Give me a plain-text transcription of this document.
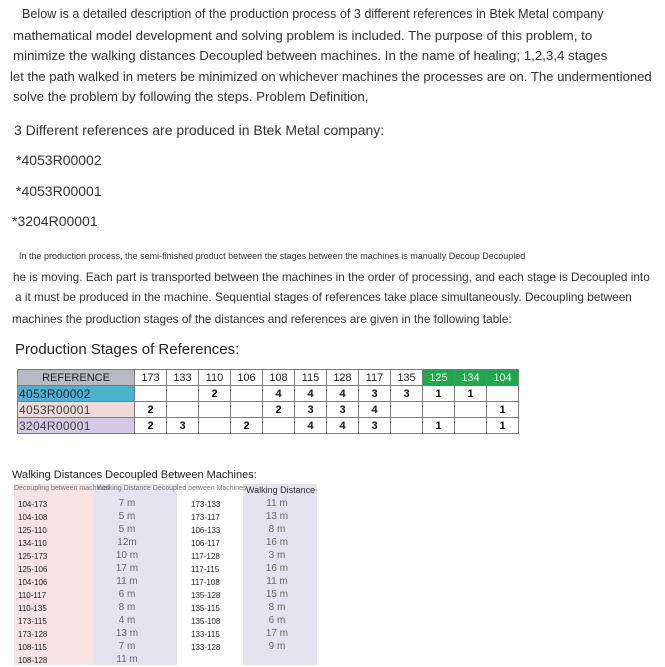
Below is a detailed description of the production process of 3 different references in Btek Metal company
mathematical model development and solving problem is included. The purpose of this problem, to
minimize the walking distances Decoupled between machines. In the name of healing; 1,2,3,4 stages
let the path walked in meters be minimized on whichever machines the processes are on. The undermentioned
solve the problem by following the steps. Problem Definition,
3 Different references are produced in Btek Metal company:
*4053R00002
*4053R00001
*3204R00001
In the production process, the semi-finished product between the stages between the machines is manually Decoup Decoupled
he is moving. Each part is transported between the machines in the order of processing, and each stage is Decoupled into
a it must be produced in the machine. Sequential stages of references take place simultaneously. Decoupling between
machines the production stages of the distances and references are given in the following table:
Production Stages of References:
REFERENCE	173	133	110	106	108	115	128	117	135	125	134	104
4053R00002			2		4	4	4	3	3	1	1	
4053R00001	2				2	3	3	4				1
3204R00001	2	3		2		4	4	3		1		1
Walking Distances Decoupled Between Machines:
Decoupling between machines
Walking Distance Decoupled between Machines Walking Distance
104-173	7 m	173-133	11 m
104-108	5 m	173-117	13 m
125-110	5 m	106-133	8 m
134-110	12m	106-117	16 m
125-173	10 m	117-128	3 m
125-106	17 m	117-115	16 m
104-106	11 m	117-108	11 m
110-117	6 m	135-128	15 m
110-135	8 m	135-115	8 m
173-115	4 m	135-108	6 m
173-128	13 m	133-115	17 m
108-115	7 m	133-128	9 m
108-128	11 m
